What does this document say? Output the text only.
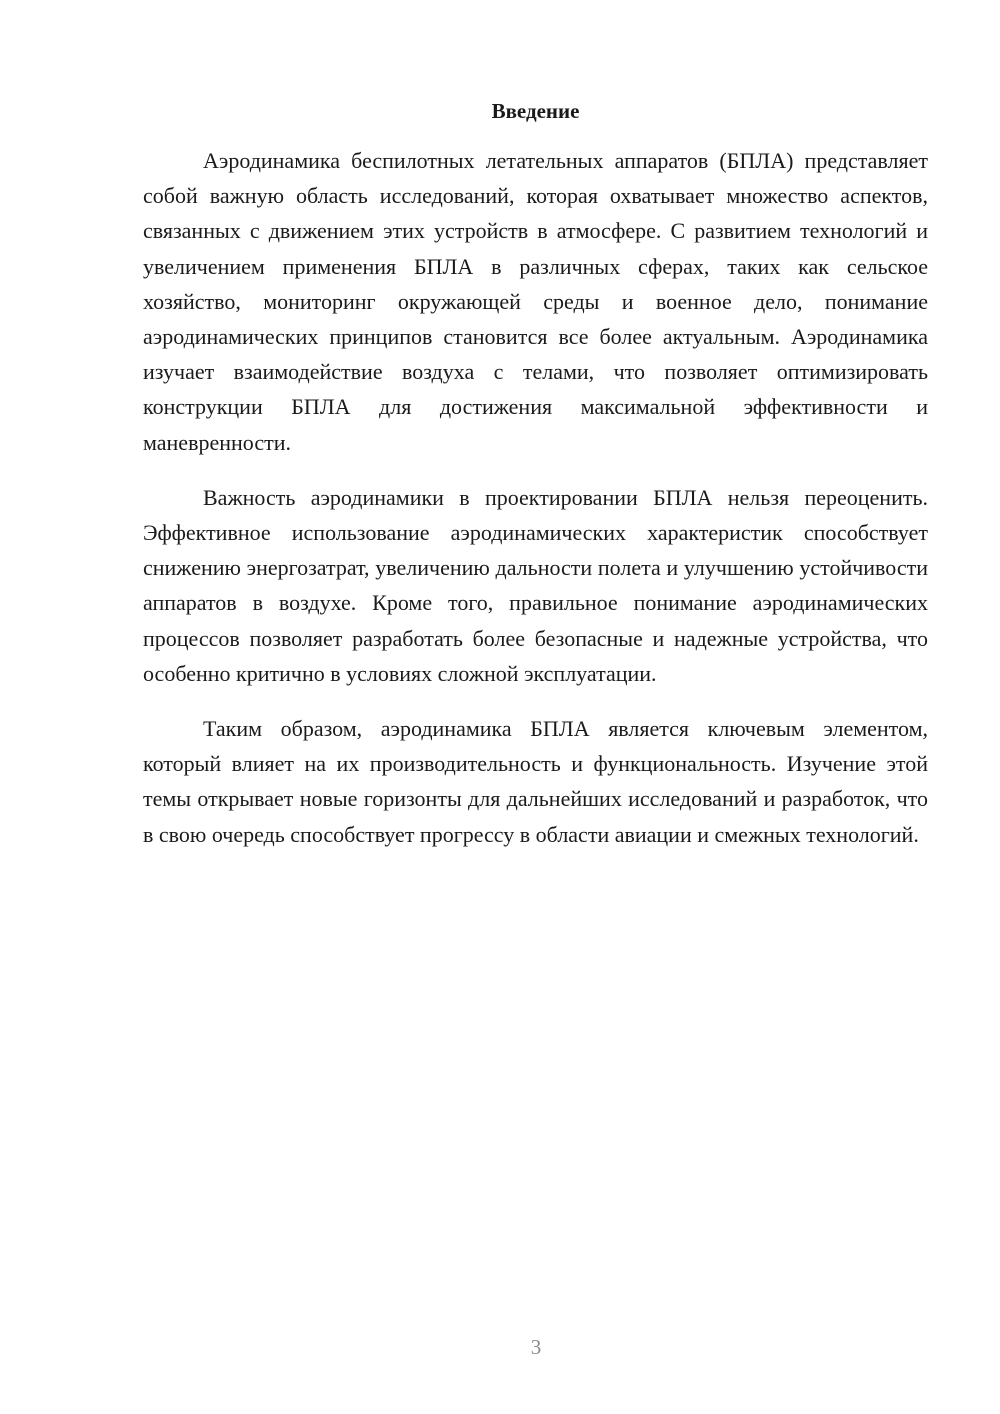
Введение

Аэродинамика беспилотных летательных аппаратов (БПЛА) представляет собой важную область исследований, которая охватывает множество аспектов, связанных с движением этих устройств в атмосфере. С развитием технологий и увеличением применения БПЛА в различных сферах, таких как сельское хозяйство, мониторинг окружающей среды и военное дело, понимание аэродинамических принципов становится все более актуальным. Аэродинамика изучает взаимодействие воздуха с телами, что позволяет оптимизировать конструкции БПЛА для достижения максимальной эффективности и маневренности.

Важность аэродинамики в проектировании БПЛА нельзя переоценить. Эффективное использование аэродинамических характеристик способствует снижению энергозатрат, увеличению дальности полета и улучшению устойчивости аппаратов в воздухе. Кроме того, правильное понимание аэродинамических процессов позволяет разработать более безопасные и надежные устройства, что особенно критично в условиях сложной эксплуатации.

Таким образом, аэродинамика БПЛА является ключевым элементом, который влияет на их производительность и функциональность. Изучение этой темы открывает новые горизонты для дальнейших исследований и разработок, что в свою очередь способствует прогрессу в области авиации и смежных технологий.

3
